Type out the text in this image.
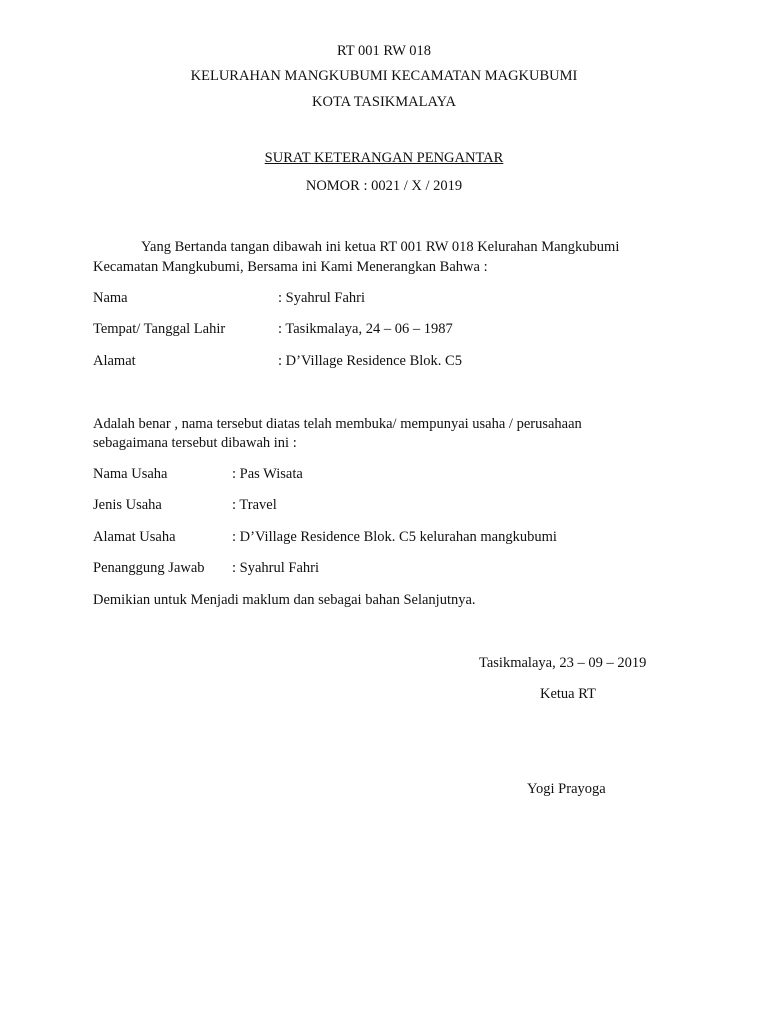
RT 001 RW 018
KELURAHAN MANGKUBUMI KECAMATAN MAGKUBUMI
KOTA TASIKMALAYA
SURAT KETERANGAN PENGANTAR
NOMOR : 0021 / X / 2019
Yang Bertanda tangan dibawah ini ketua RT 001 RW 018 Kelurahan Mangkubumi
Kecamatan Mangkubumi, Bersama ini Kami Menerangkan Bahwa :
Nama	: Syahrul Fahri
Tempat/ Tanggal Lahir	: Tasikmalaya, 24 – 06 – 1987
Alamat	: D’Village Residence Blok. C5
Adalah benar , nama tersebut diatas telah membuka/ mempunyai usaha / perusahaan
sebagaimana tersebut dibawah ini :
Nama Usaha	: Pas Wisata
Jenis Usaha	: Travel
Alamat Usaha	: D’Village Residence Blok. C5 kelurahan mangkubumi
Penanggung Jawab : Syahrul Fahri
Demikian untuk Menjadi maklum dan sebagai bahan Selanjutnya.
Tasikmalaya, 23 – 09 – 2019
Ketua RT
Yogi Prayoga
